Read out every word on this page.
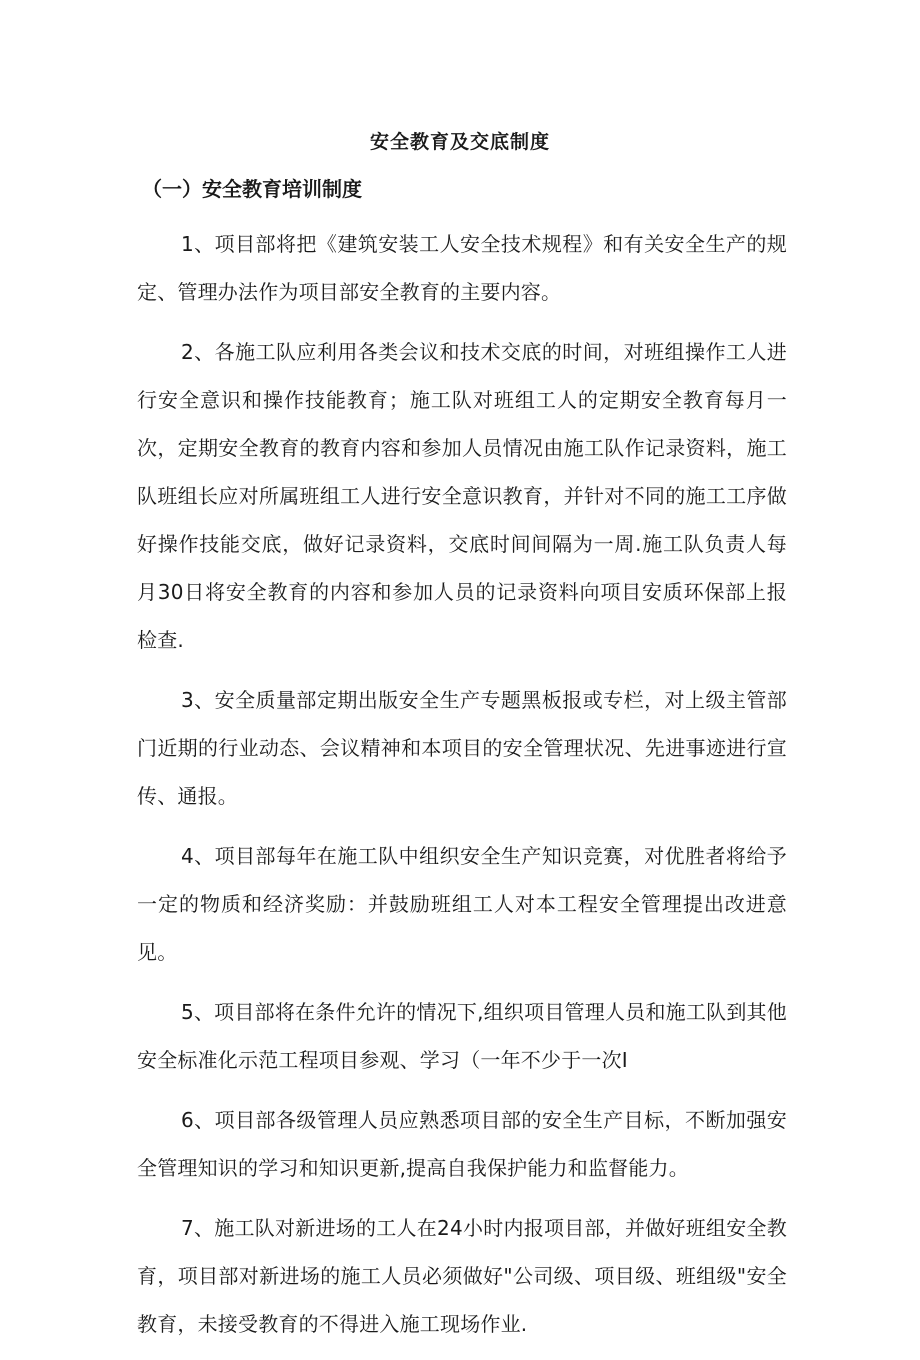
安全教育及交底制度
（一）安全教育培训制度

1、项目部将把《建筑安装工人安全技术规程》和有关安全生产的规定、管理办法作为项目部安全教育的主要内容。

2、各施工队应利用各类会议和技术交底的时间，对班组操作工人进行安全意识和操作技能教育；施工队对班组工人的定期安全教育每月一次，定期安全教育的教育内容和参加人员情况由施工队作记录资料，施工队班组长应对所属班组工人进行安全意识教育，并针对不同的施工工序做好操作技能交底，做好记录资料，交底时间间隔为一周.施工队负责人每月30日将安全教育的内容和参加人员的记录资料向项目安质环保部上报检查.

3、安全质量部定期出版安全生产专题黑板报或专栏，对上级主管部门近期的行业动态、会议精神和本项目的安全管理状况、先进事迹进行宣传、通报。

4、项目部每年在施工队中组织安全生产知识竞赛，对优胜者将给予一定的物质和经济奖励：并鼓励班组工人对本工程安全管理提出改进意见。

5、项目部将在条件允许的情况下,组织项目管理人员和施工队到其他安全标准化示范工程项目参观、学习（一年不少于一次I

6、项目部各级管理人员应熟悉项目部的安全生产目标，不断加强安全管理知识的学习和知识更新,提高自我保护能力和监督能力。

7、施工队对新进场的工人在24小时内报项目部，并做好班组安全教育，项目部对新进场的施工人员必须做好"公司级、项目级、班组级"安全教育，未接受教育的不得进入施工现场作业.
